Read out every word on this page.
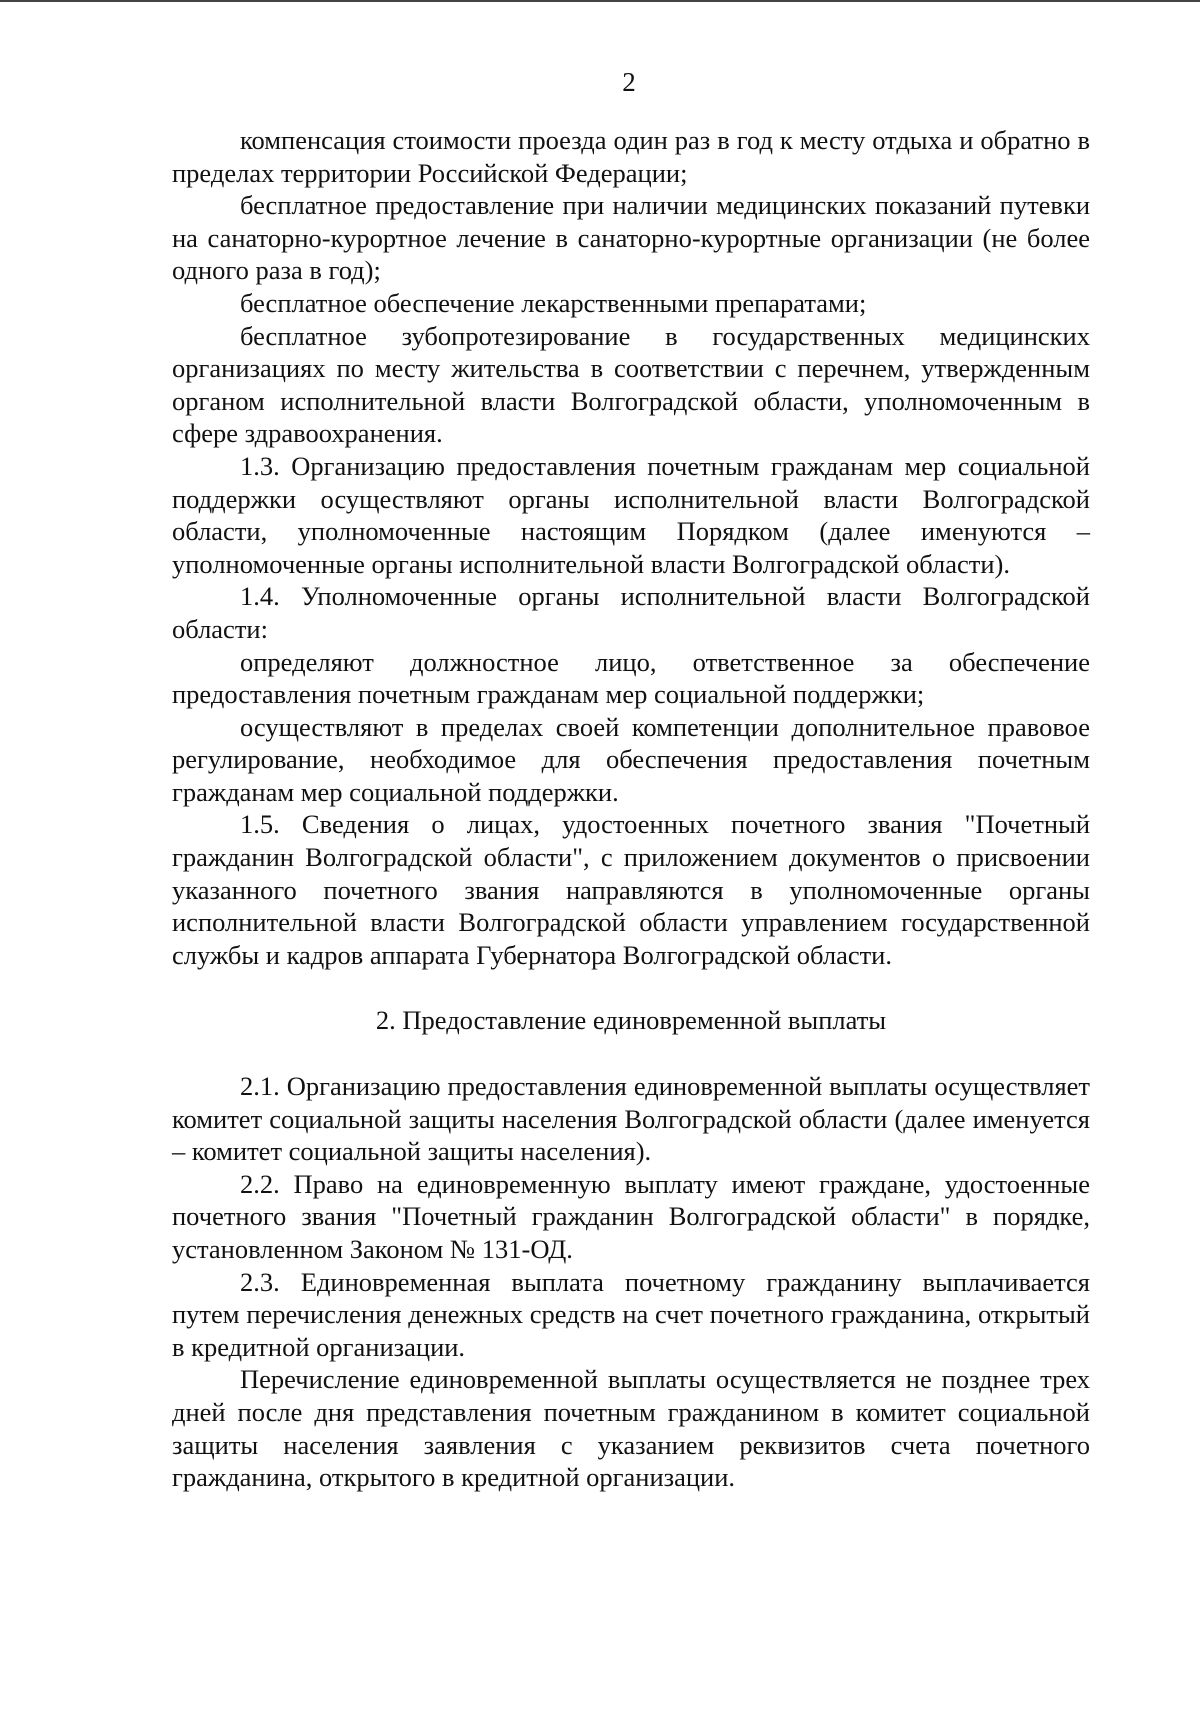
2

компенсация стоимости проезда один раз в год к месту отдыха и обратно в пределах территории Российской Федерации;

бесплатное предоставление при наличии медицинских показаний путевки на санаторно-курортное лечение в санаторно-курортные организации (не более одного раза в год);

бесплатное обеспечение лекарственными препаратами;

бесплатное зубопротезирование в государственных медицинских организациях по месту жительства в соответствии с перечнем, утвержденным органом исполнительной власти Волгоградской области, уполномоченным в сфере здравоохранения.

1.3. Организацию предоставления почетным гражданам мер социальной поддержки осуществляют органы исполнительной власти Волгоградской области, уполномоченные настоящим Порядком (далее именуются – уполномоченные органы исполнительной власти Волгоградской области).

1.4. Уполномоченные органы исполнительной власти Волгоградской области:

определяют должностное лицо, ответственное за обеспечение предоставления почетным гражданам мер социальной поддержки;

осуществляют в пределах своей компетенции дополнительное правовое регулирование, необходимое для обеспечения предоставления почетным гражданам мер социальной поддержки.

1.5. Сведения о лицах, удостоенных почетного звания "Почетный гражданин Волгоградской области", с приложением документов о присвоении указанного почетного звания направляются в уполномоченные органы исполнительной власти Волгоградской области управлением государственной службы и кадров аппарата Губернатора Волгоградской области.

2. Предоставление единовременной выплаты

2.1. Организацию предоставления единовременной выплаты осуществляет комитет социальной защиты населения Волгоградской области (далее именуется – комитет социальной защиты населения).

2.2. Право на единовременную выплату имеют граждане, удостоенные почетного звания "Почетный гражданин Волгоградской области" в порядке, установленном Законом № 131-ОД.

2.3. Единовременная выплата почетному гражданину выплачивается путем перечисления денежных средств на счет почетного гражданина, открытый в кредитной организации.

Перечисление единовременной выплаты осуществляется не позднее трех дней после дня представления почетным гражданином в комитет социальной защиты населения заявления с указанием реквизитов счета почетного гражданина, открытого в кредитной организации.
